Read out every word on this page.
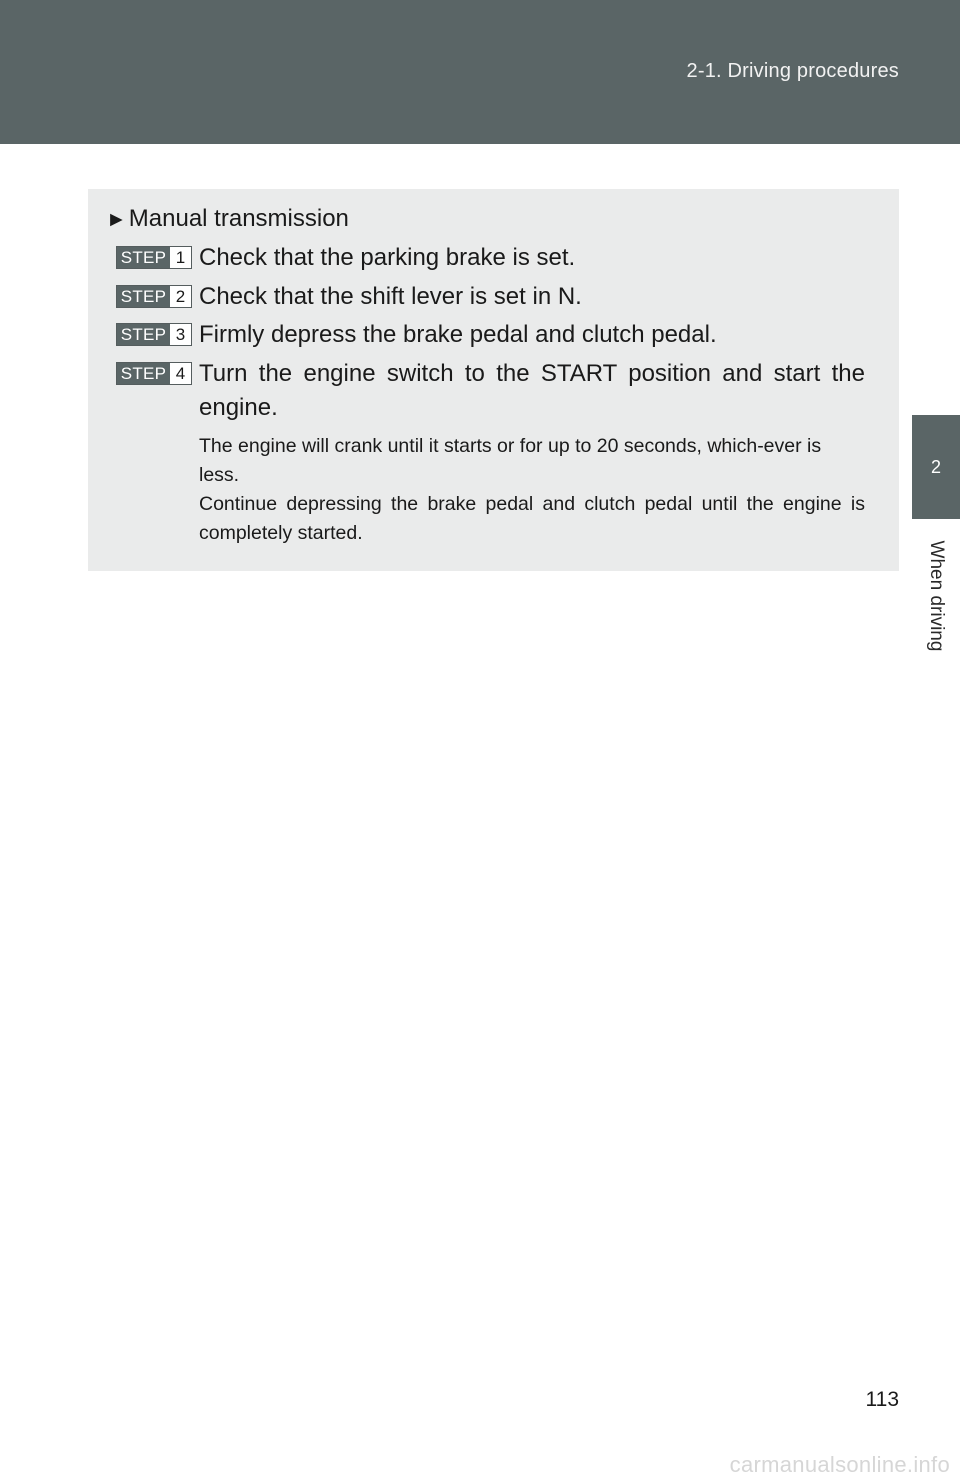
2-1. Driving procedures
2
When driving
►Manual transmission
STEP 1 Check that the parking brake is set.
STEP 2 Check that the shift lever is set in N.
STEP 3 Firmly depress the brake pedal and clutch pedal.
STEP 4 Turn the engine switch to the START position and start the engine.

The engine will crank until it starts or for up to 20 seconds, which-ever is less.

Continue depressing the brake pedal and clutch pedal until the engine is completely started.

113
carmanualsonline.info
